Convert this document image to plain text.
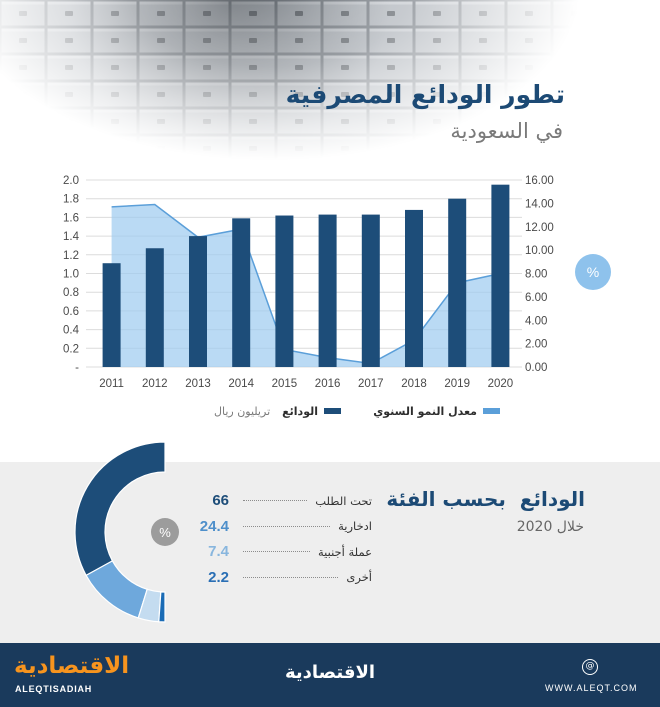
تطور الودائع المصرفية
في السعودية
-
0.2
0.4
0.6
0.8
1.0
1.2
1.4
1.6
1.8
2.0
0.00
2.00
4.00
6.00
8.00
10.00
12.00
14.00
16.00
2011 2012 2013 2014 2015 2016 2017 2018 2019 2020
%
معدل النمو السنوي
الودائع
تريليون ريال
%
الودائع  بحسب الفئة
خلال 2020
تحت الطلب
66
ادخارية
24.4
عملة أجنبية
7.4
أخرى
2.2
الاقتصادية
ALEQTISADIAH
الاقتصادية	@
WWW.ALEQT.COM
